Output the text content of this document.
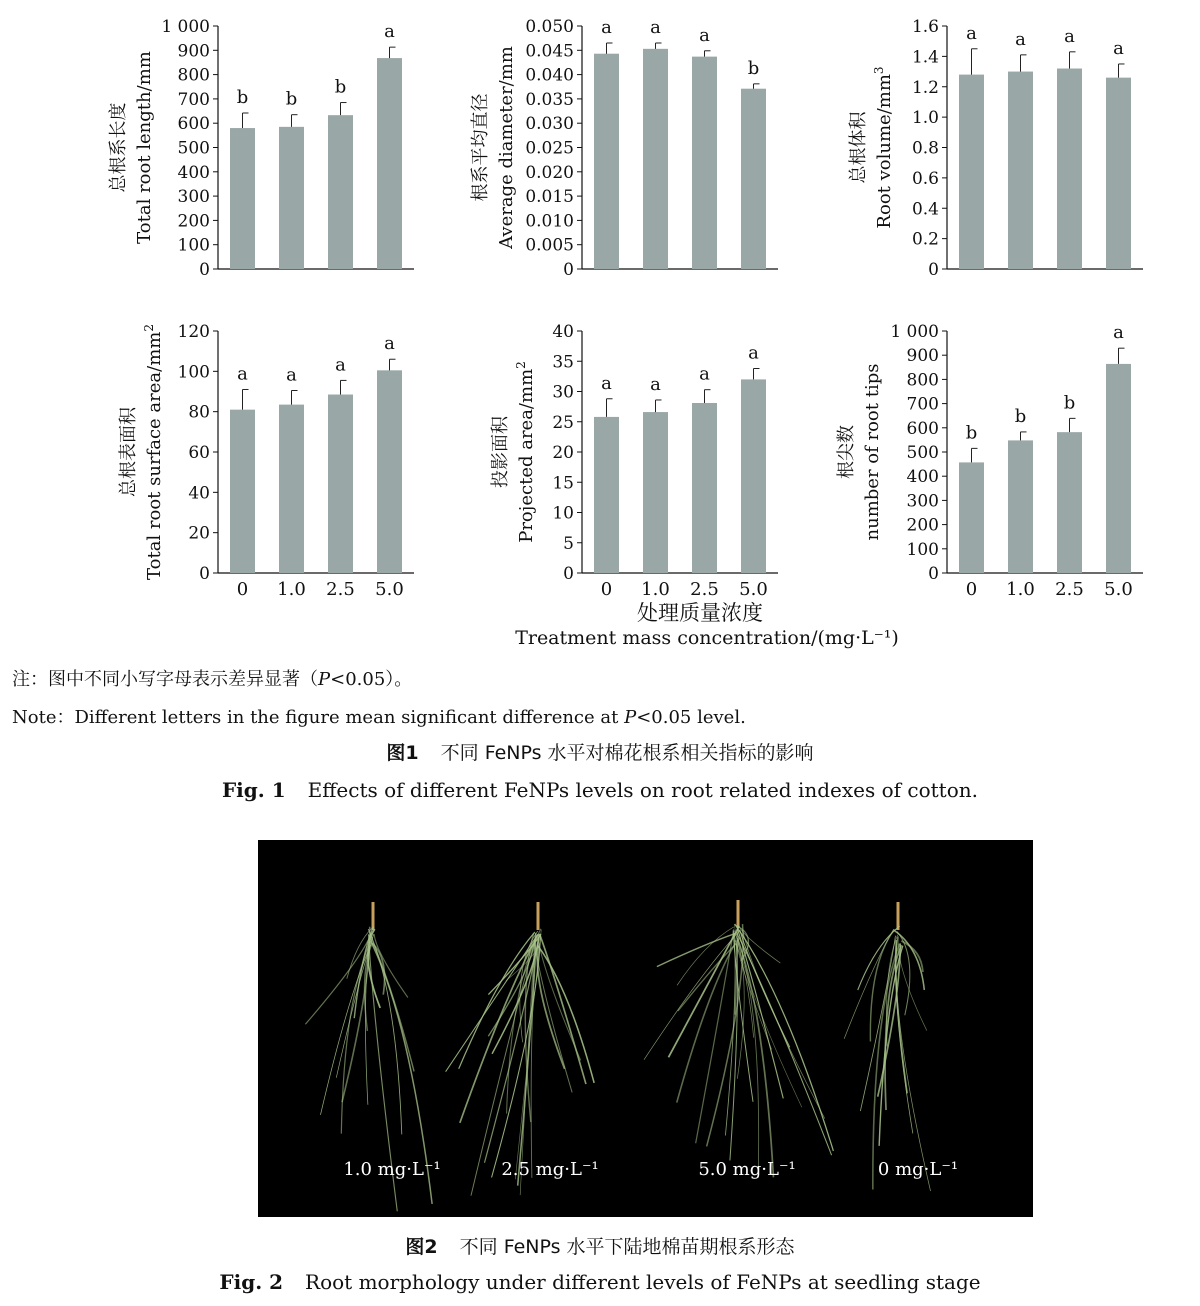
0
100
200
300
400
500
600
700
800
900
1 000
b b
b
a
总根系长度 Total root length/mm
0
0.005
0.010
0.015
0.020
0.025
0.030
0.035
0.040
0.045
0.050 a a a
b
根系平均直径 Average diameter/mm
0
0.2
0.4
0.6
0.8
1.0
1.2
1.4
1.6 a a a
a
总根体积 Root volume/$mm^3$
0
20
40
60
80
100
120
a
0
a
1.0
a
2.5
a
5.0
总根表面积 Total root surface area/$mm^2$
0
5
10
15
20
25
30
35
40
a
0
a
1.0
a
2.5
a
5.0
投影面积 Projected area/$mm^2$
0
100
200
300
400
500
600
700
800
900
1 000
b
0
b
1.0
b
2.5
a
5.0
根尖数 number of root tips
处理质量浓度
Treatment mass concentration/(mg·L⁻¹)
注：图中不同小写字母表示差异显著（P<0.05）。
Note：Different letters in the figure mean significant difference at P<0.05 level.
图1 不同 FeNPs 水平对棉花根系相关指标的影响
Fig. 1 Effects of different FeNPs levels on root related indexes of cotton.
1.0 mg·L⁻¹	2.5 mg·L⁻¹	5.0 mg·L⁻¹	0 mg·L⁻¹
图2 不同 FeNPs 水平下陆地棉苗期根系形态
Fig. 2 Root morphology under different levels of FeNPs at seedling stage
